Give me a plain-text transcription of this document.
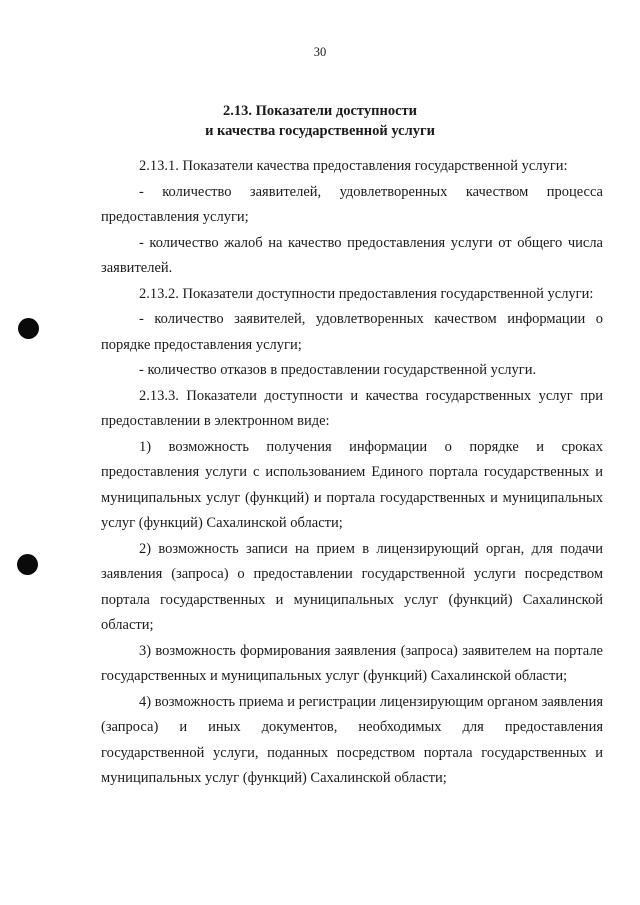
30
2.13. Показатели доступности
и качества государственной услуги

2.13.1. Показатели качества предоставления государственной услуги:

- количество заявителей, удовлетворенных качеством процесса предоставления услуги;

- количество жалоб на качество предоставления услуги от общего числа заявителей.

2.13.2. Показатели доступности предоставления государственной услуги:

- количество заявителей, удовлетворенных качеством информации о порядке предоставления услуги;

- количество отказов в предоставлении государственной услуги.

2.13.3. Показатели доступности и качества государственных услуг при предоставлении в электронном виде:

1) возможность получения информации о порядке и сроках предоставления услуги с использованием Единого портала государственных и муниципальных услуг (функций) и портала государственных и муниципальных услуг (функций) Сахалинской области;

2) возможность записи на прием в лицензирующий орган, для подачи заявления (запроса) о предоставлении государственной услуги посредством портала государственных и муниципальных услуг (функций) Сахалинской области;

3) возможность формирования заявления (запроса) заявителем на портале государственных и муниципальных услуг (функций) Сахалинской области;

4) возможность приема и регистрации лицензирующим органом заявления (запроса) и иных документов, необходимых для предоставления государственной услуги, поданных посредством портала государственных и муниципальных услуг (функций) Сахалинской области;
